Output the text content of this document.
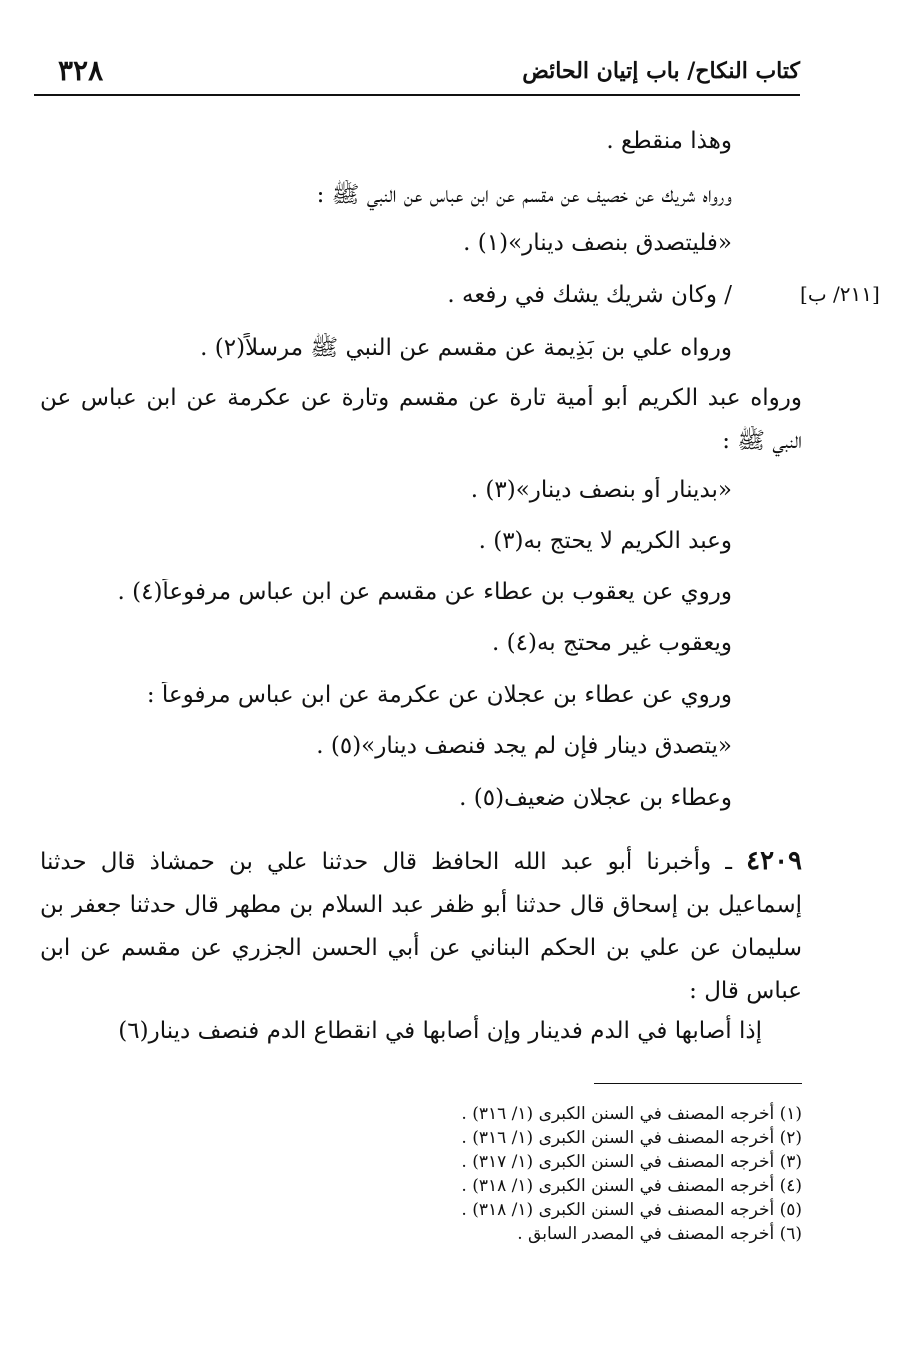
٣٢٨	كتاب النكاح/ باب إتيان الحائض
[٢١١/ ب]
وهذا منقطع .
ورواه شريك عن خصيف عن مقسم عن ابن عباس عن النبي ﷺ :
«فليتصدق بنصف دينار»(١) .
/ وكان شريك يشك في رفعه .
ورواه علي بن بَذِيمة عن مقسم عن النبي ﷺ مرسلاً(٢) .
ورواه عبد الكريم أبو أمية تارة عن مقسم وتارة عن عكرمة عن ابن عباس عن
النبي ﷺ :
«بدينار أو بنصف دينار»(٣) .
وعبد الكريم لا يحتج به(٣) .
وروي عن يعقوب بن عطاء عن مقسم عن ابن عباس مرفوعاً(٤) .
ويعقوب غير محتج به(٤) .
وروي عن عطاء بن عجلان عن عكرمة عن ابن عباس مرفوعاً :
«يتصدق دينار فإن لم يجد فنصف دينار»(٥) .
وعطاء بن عجلان ضعيف(٥) .
٤٢٠٩ ـ وأخبرنا أبو عبد الله الحافظ قال حدثنا علي بن حمشاذ قال حدثنا إسماعيل بن إسحاق قال حدثنا أبو ظفر عبد السلام بن مطهر قال حدثنا جعفر بن سليمان عن علي بن الحكم البناني عن أبي الحسن الجزري عن مقسم عن ابن عباس قال :
إذا أصابها في الدم فدينار وإن أصابها في انقطاع الدم فنصف دينار(٦)
(١) أخرجه المصنف في السنن الكبرى (١/ ٣١٦) .
(٢) أخرجه المصنف في السنن الكبرى (١/ ٣١٦) .
(٣) أخرجه المصنف في السنن الكبرى (١/ ٣١٧) .
(٤) أخرجه المصنف في السنن الكبرى (١/ ٣١٨) .
(٥) أخرجه المصنف في السنن الكبرى (١/ ٣١٨) .
(٦) أخرجه المصنف في المصدر السابق .
